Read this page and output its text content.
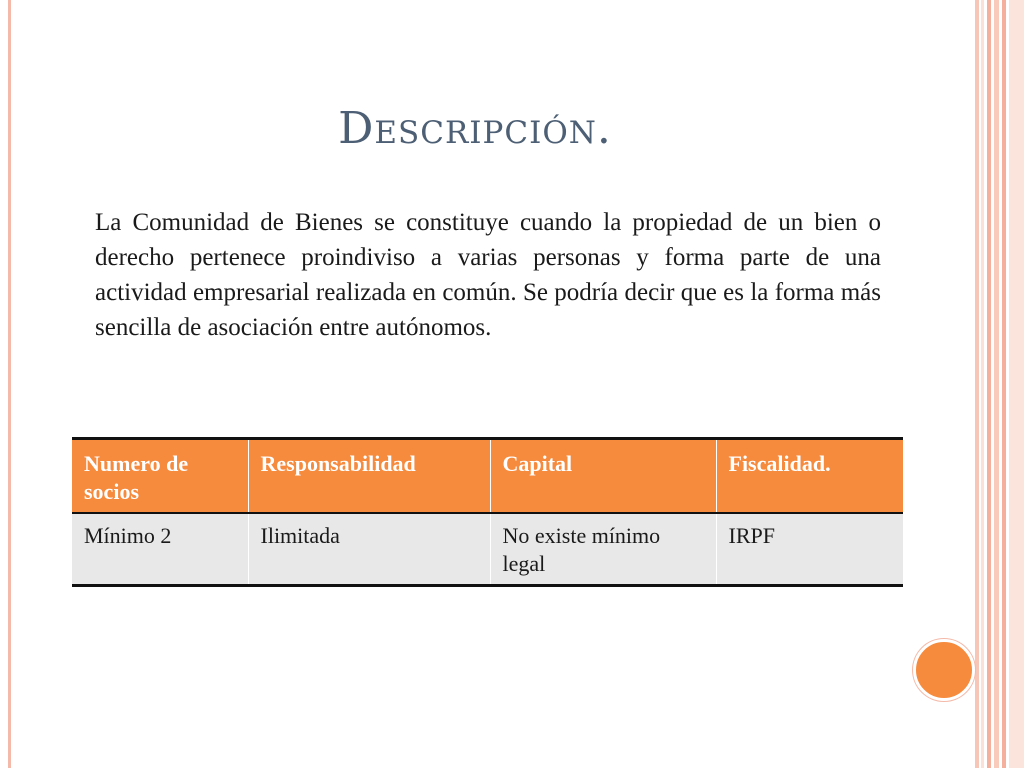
Descripción.

La Comunidad de Bienes se constituye cuando la propiedad de un bien o derecho pertenece proindiviso a varias personas y forma parte de una actividad empresarial realizada en común. Se podría decir que es la forma más sencilla de asociación entre autónomos.

Numero de socios	Responsabilidad	Capital	Fiscalidad.
Mínimo 2	Ilimitada	No existe mínimo legal	IRPF
